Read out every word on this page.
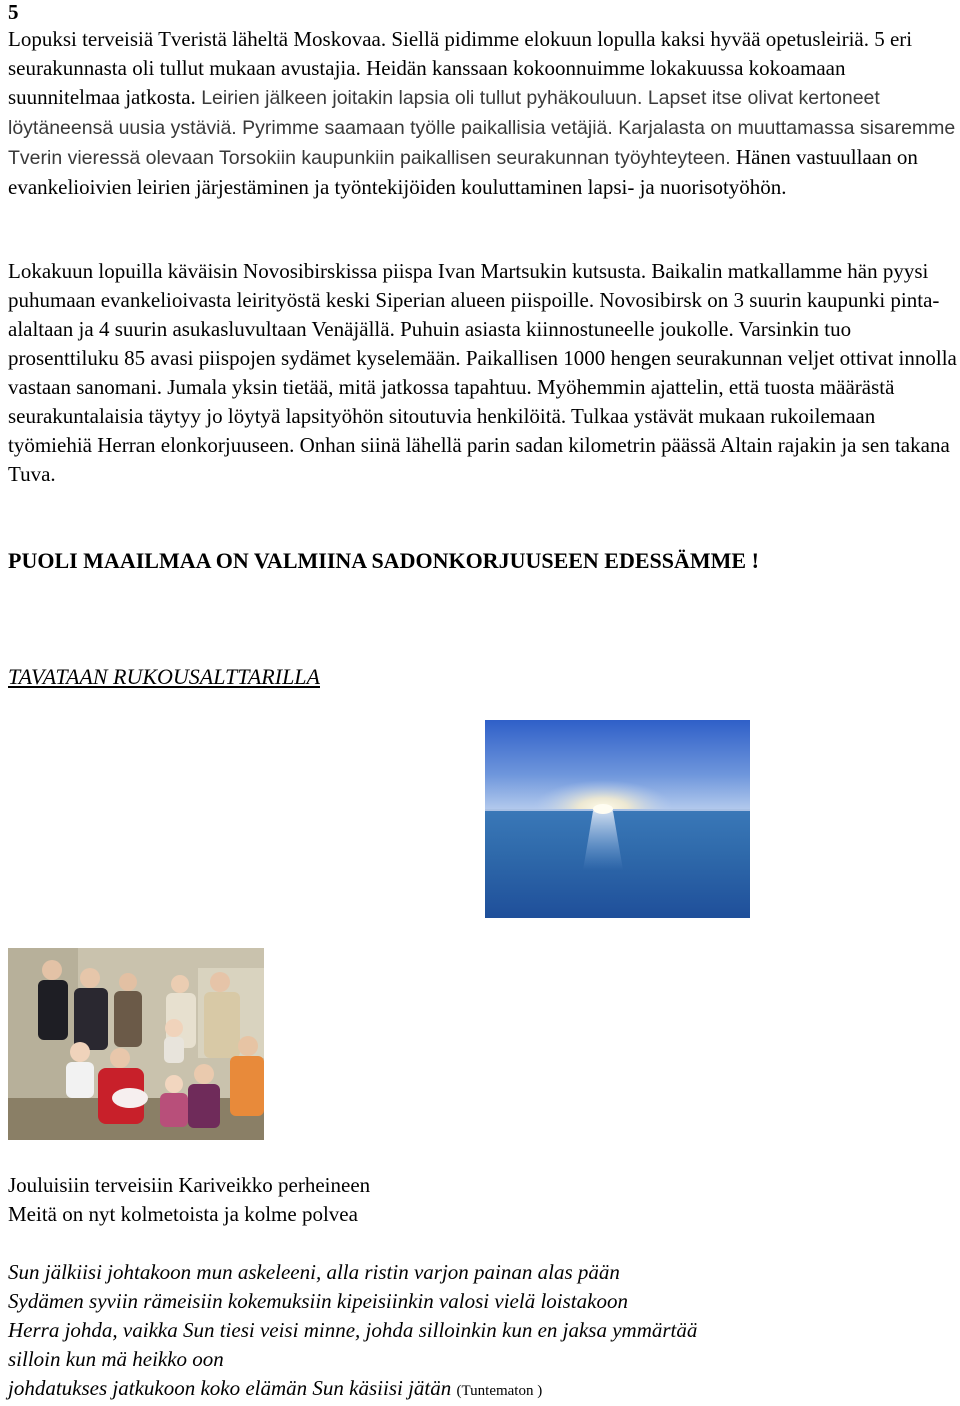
5

Lopuksi terveisiä Tveristä läheltä Moskovaa. Siellä pidimme elokuun lopulla kaksi hyvää opetusleiriä. 5 eri seurakunnasta oli tullut mukaan avustajia. Heidän kanssaan kokoonnuimme lokakuussa kokoamaan suunnitelmaa jatkosta. Leirien jälkeen joitakin lapsia oli tullut pyhäkouluun. Lapset itse olivat kertoneet löytäneensä uusia ystäviä. Pyrimme saamaan työlle paikallisia vetäjiä. Karjalasta on muuttamassa sisaremme Tverin vieressä olevaan Torsokiin kaupunkiin paikallisen seurakunnan työyhteyteen. Hänen vastuullaan on evankelioivien leirien järjestäminen ja työntekijöiden kouluttaminen lapsi- ja nuorisotyöhön.

Lokakuun lopuilla käväisin Novosibirskissa piispa Ivan Martsukin kutsusta. Baikalin matkallamme hän pyysi puhumaan evankelioivasta leirityöstä keski Siperian alueen piispoille. Novosibirsk on 3 suurin kaupunki pinta-alaltaan ja 4 suurin asukasluvultaan Venäjällä. Puhuin asiasta kiinnostuneelle joukolle. Varsinkin tuo prosenttiluku 85 avasi piispojen sydämet kyselemään. Paikallisen 1000 hengen seurakunnan veljet ottivat innolla vastaan sanomani. Jumala yksin tietää, mitä jatkossa tapahtuu. Myöhemmin ajattelin, että tuosta määrästä seurakuntalaisia täytyy jo löytyä lapsityöhön sitoutuvia henkilöitä. Tulkaa ystävät mukaan rukoilemaan työmiehiä Herran elonkorjuuseen. Onhan siinä lähellä parin sadan kilometrin päässä Altain rajakin ja sen takana Tuva.

PUOLI MAAILMAA ON VALMIINA SADONKORJUUSEEN EDESSÄMME !
TAVATAAN RUKOUSALTTARILLA
Jouluisiin terveisiin Kariveikko perheineen
Meitä on nyt kolmetoista ja kolme polvea
Sun jälkiisi johtakoon mun askeleeni, alla ristin varjon painan alas pään
Sydämen syviin rämeisiin kokemuksiin kipeisiinkin valosi vielä loistakoon
Herra johda, vaikka Sun tiesi veisi minne, johda silloinkin kun en jaksa ymmärtää
silloin kun mä heikko oon
johdatukses jatkukoon koko elämän Sun käsiisi jätän (Tuntematon )
